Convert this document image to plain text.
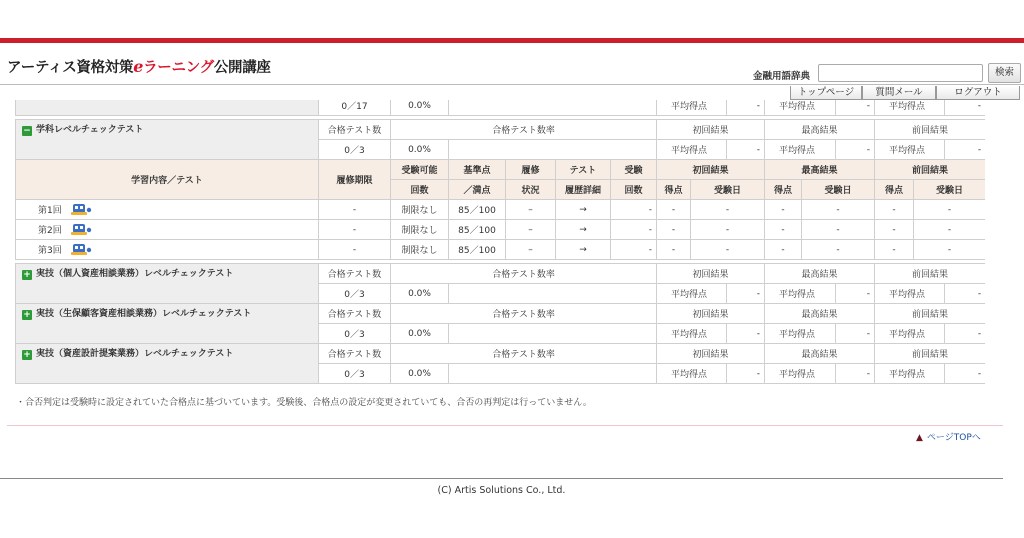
アーティス資格対策eラーニング公開講座
金融用語辞典	検索
トップページ	質問メール	ログアウト
	0／17	0.0%		平均得点	-	平均得点	-	平均得点	-
− 学科レベルチェックテスト	合格テスト数	合格テスト数率		初回結果		最高結果		前回結果	
	0／3	0.0%		平均得点	-	平均得点	-	平均得点	-
学習内容／テスト	履修期限	受験可能	基準点	履修	テスト	受験	初回結果		最高結果		前回結果	
		回数	／満点	状況	履歴詳細	回数	得点	受験日	得点	受験日	得点	受験日
第1回	-	制限なし	85／100	–	→	-	-	-	-	-	-	-
第2回	-	制限なし	85／100	–	→	-	-	-	-	-	-	-
第3回	-	制限なし	85／100	–	→	-	-	-	-	-	-	-
+ 実技（個人資産相談業務）レベルチェックテスト	合格テスト数	合格テスト数率		初回結果		最高結果		前回結果	
	0／3	0.0%		平均得点	-	平均得点	-	平均得点	-
+ 実技（生保顧客資産相談業務）レベルチェックテスト	合格テスト数	合格テスト数率		初回結果		最高結果		前回結果	
	0／3	0.0%		平均得点	-	平均得点	-	平均得点	-
+ 実技（資産設計提案業務）レベルチェックテスト	合格テスト数	合格テスト数率		初回結果		最高結果		前回結果	
	0／3	0.0%		平均得点	-	平均得点	-	平均得点	-
・合否判定は受験時に設定されていた合格点に基づいています。受験後、合格点の設定が変更されていても、合否の再判定は行っていません。
▲ ページTOPへ
(C) Artis Solutions Co., Ltd.
